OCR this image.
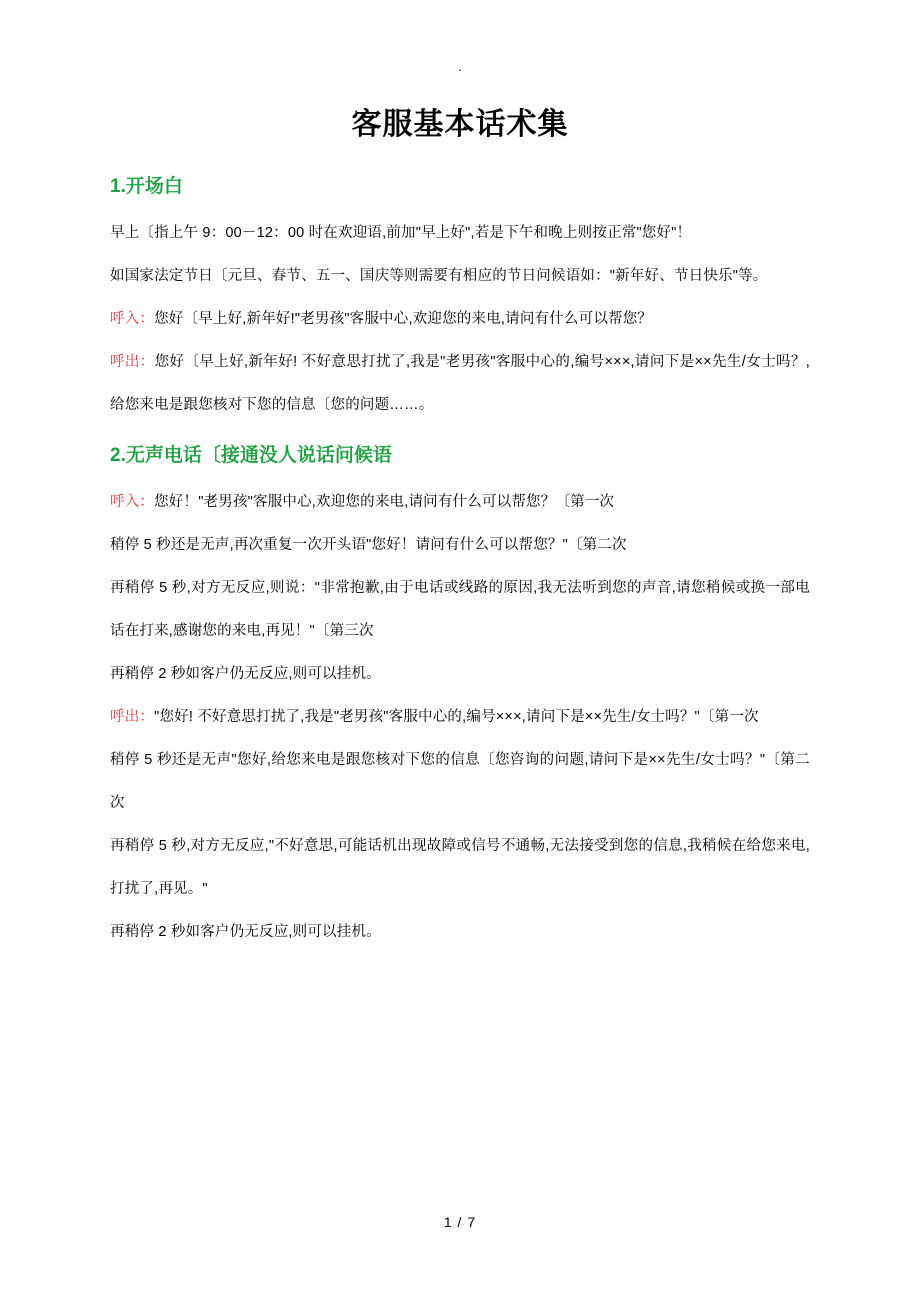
.
客服基本话术集
1.开场白

早上〔指上午 9：00－12：00 时在欢迎语,前加"早上好",若是下午和晚上则按正常"您好"！

如国家法定节日〔元旦、春节、五一、国庆等则需要有相应的节日问候语如："新年好、节日快乐"等。

呼入：您好〔早上好,新年好!"老男孩"客服中心,欢迎您的来电,请问有什么可以帮您？

呼出：您好〔早上好,新年好! 不好意思打扰了,我是"老男孩"客服中心的,编号×××,请问下是××先生/女士吗？,给您来电是跟您核对下您的信息〔您的问题……。

2.无声电话〔接通没人说话问候语

呼入：您好！"老男孩"客服中心,欢迎您的来电,请问有什么可以帮您？〔第一次

稍停 5 秒还是无声,再次重复一次开头语"您好！请问有什么可以帮您？"〔第二次

再稍停 5 秒,对方无反应,则说："非常抱歉,由于电话或线路的原因,我无法听到您的声音,请您稍候或换一部电话在打来,感谢您的来电,再见！"〔第三次

再稍停 2 秒如客户仍无反应,则可以挂机。

呼出："您好! 不好意思打扰了,我是"老男孩"客服中心的,编号×××,请问下是××先生/女士吗？"〔第一次

稍停 5 秒还是无声"您好,给您来电是跟您核对下您的信息〔您咨询的问题,请问下是××先生/女士吗？"〔第二次

再稍停 5 秒,对方无反应,"不好意思,可能话机出现故障或信号不通畅,无法接受到您的信息,我稍候在给您来电,打扰了,再见。"

再稍停 2 秒如客户仍无反应,则可以挂机。

1 / 7
